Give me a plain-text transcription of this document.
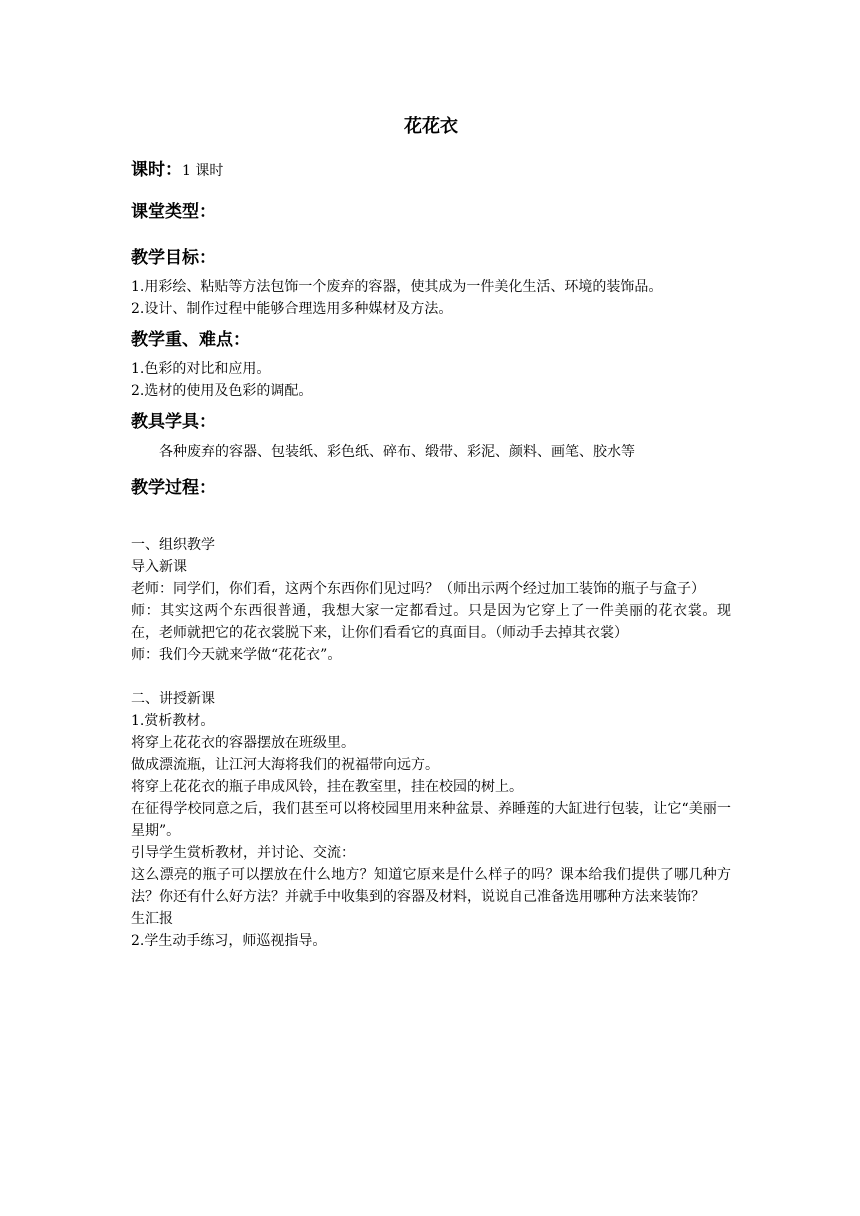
花花衣

课时：1 课时

课堂类型：

教学目标：

1.用彩绘、粘贴等方法包饰一个废弃的容器，使其成为一件美化生活、环境的装饰品。

2.设计、制作过程中能够合理选用多种媒材及方法。

教学重、难点：

1.色彩的对比和应用。

2.选材的使用及色彩的调配。

教具学具：

各种废弃的容器、包装纸、彩色纸、碎布、缎带、彩泥、颜料、画笔、胶水等

教学过程：

一、组织教学

导入新课

老师：同学们，你们看，这两个东西你们见过吗？（师出示两个经过加工装饰的瓶子与盒子）

师：其实这两个东西很普通，我想大家一定都看过。只是因为它穿上了一件美丽的花衣裳。现在，老师就把它的花衣裳脱下来，让你们看看它的真面目。（师动手去掉其衣裳）

师：我们今天就来学做“花花衣”。

二、讲授新课

1.赏析教材。

将穿上花花衣的容器摆放在班级里。

做成漂流瓶，让江河大海将我们的祝福带向远方。

将穿上花花衣的瓶子串成风铃，挂在教室里，挂在校园的树上。

在征得学校同意之后，我们甚至可以将校园里用来种盆景、养睡莲的大缸进行包装，让它“美丽一星期”。

引导学生赏析教材，并讨论、交流：

这么漂亮的瓶子可以摆放在什么地方？知道它原来是什么样子的吗？课本给我们提供了哪几种方法？你还有什么好方法？并就手中收集到的容器及材料，说说自己准备选用哪种方法来装饰？

生汇报

2.学生动手练习，师巡视指导。
